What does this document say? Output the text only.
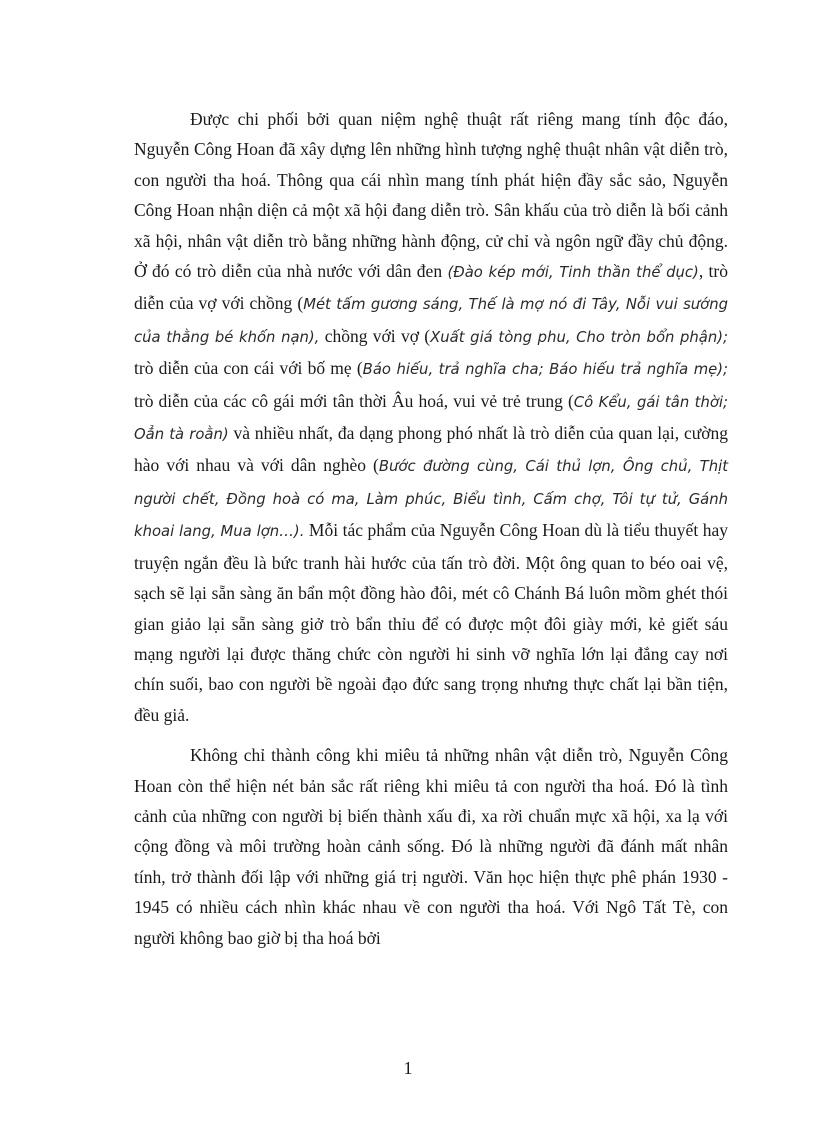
Được chi phối bởi quan niệm nghệ thuật rất riêng mang tính độc đáo, Nguyễn Công Hoan đã xây dựng lên những hình tượng nghệ thuật nhân vật diễn trò, con người tha hoá. Thông qua cái nhìn mang tính phát hiện đầy sắc sảo, Nguyễn Công Hoan nhận diện cả một xã hội đang diễn trò. Sân khấu của trò diễn là bối cảnh xã hội, nhân vật diễn trò bằng những hành động, cử chỉ và ngôn ngữ đầy chủ động. Ở đó có trò diễn của nhà nước với dân đen (Đào kép mới, Tinh thần thể dục), trò diễn của vợ với chồng (Mét tấm gương sáng, Thế là mợ nó đi Tây, Nỗi vui sướng của thằng bé khốn nạn), chồng với vợ (Xuất giá tòng phu, Cho tròn bổn phận); trò diễn của con cái với bố mẹ (Báo hiếu, trả nghĩa cha; Báo hiếu trả nghĩa mẹ); trò diễn của các cô gái mới tân thời Âu hoá, vui vẻ trẻ trung (Cô Kểu, gái tân thời; Oẳn tà roằn) và nhiều nhất, đa dạng phong phó nhất là trò diễn của quan lại, cường hào với nhau và với dân nghèo (Bước đường cùng, Cái thủ lợn, Ông chủ, Thịt người chết, Đồng hoà có ma, Làm phúc, Biểu tình, Cấm chợ, Tôi tự tử, Gánh khoai lang, Mua lợn…). Mỗi tác phẩm của Nguyễn Công Hoan dù là tiểu thuyết hay truyện ngắn đều là bức tranh hài hước của tấn trò đời. Một ông quan to béo oai vệ, sạch sẽ lại sẵn sàng ăn bẩn một đồng hào đôi, mét cô Chánh Bá luôn mồm ghét thói gian giảo lại sẵn sàng giở trò bẩn thỉu để có được một đôi giày mới, kẻ giết sáu mạng người lại được thăng chức còn người hi sinh vỡ nghĩa lớn lại đắng cay nơi chín suối, bao con người bề ngoài đạo đức sang trọng nhưng thực chất lại bần tiện, đều giả.

Không chỉ thành công khi miêu tả những nhân vật diễn trò, Nguyễn Công Hoan còn thể hiện nét bản sắc rất riêng khi miêu tả con người tha hoá. Đó là tình cảnh của những con người bị biến thành xấu đi, xa rời chuẩn mực xã hội, xa lạ với cộng đồng và môi trường hoàn cảnh sống. Đó là những người đã đánh mất nhân tính, trở thành đối lập với những giá trị người. Văn học hiện thực phê phán 1930 - 1945 có nhiều cách nhìn khác nhau về con người tha hoá. Với Ngô Tất Tè, con người không bao giờ bị tha hoá bởi

1
